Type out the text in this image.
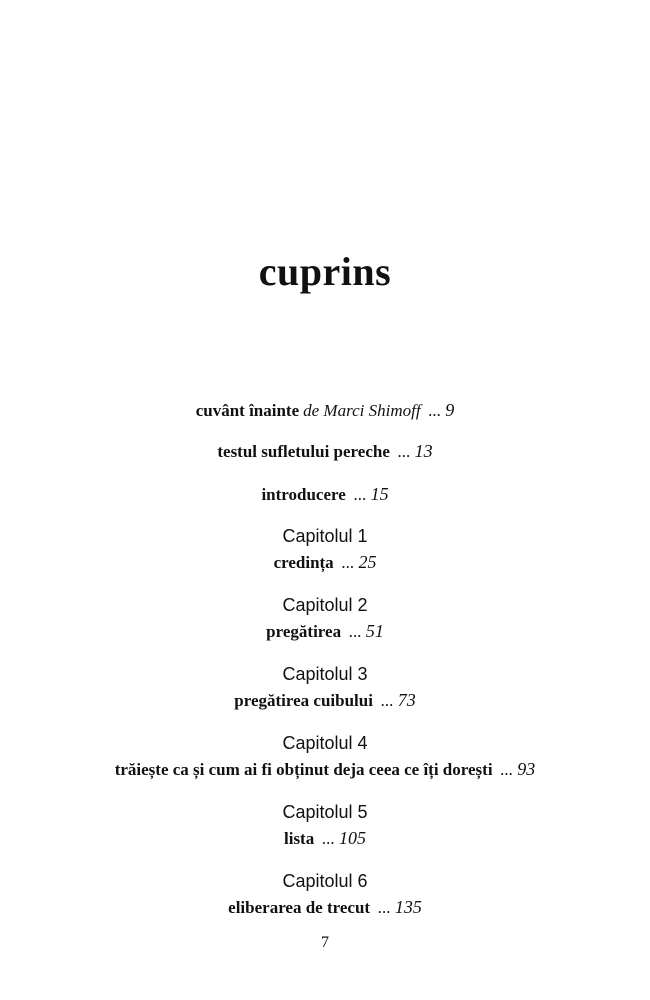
cuprins
cuvânt înainte de Marci Shimoff ... 9
testul sufletului pereche ... 13
introducere ... 15
Capitolul 1
credința ... 25
Capitolul 2
pregătirea ... 51
Capitolul 3
pregătirea cuibului ... 73
Capitolul 4
trăiește ca și cum ai fi obținut deja ceea ce îți dorești ... 93
Capitolul 5
lista ... 105
Capitolul 6
eliberarea de trecut ... 135
7
